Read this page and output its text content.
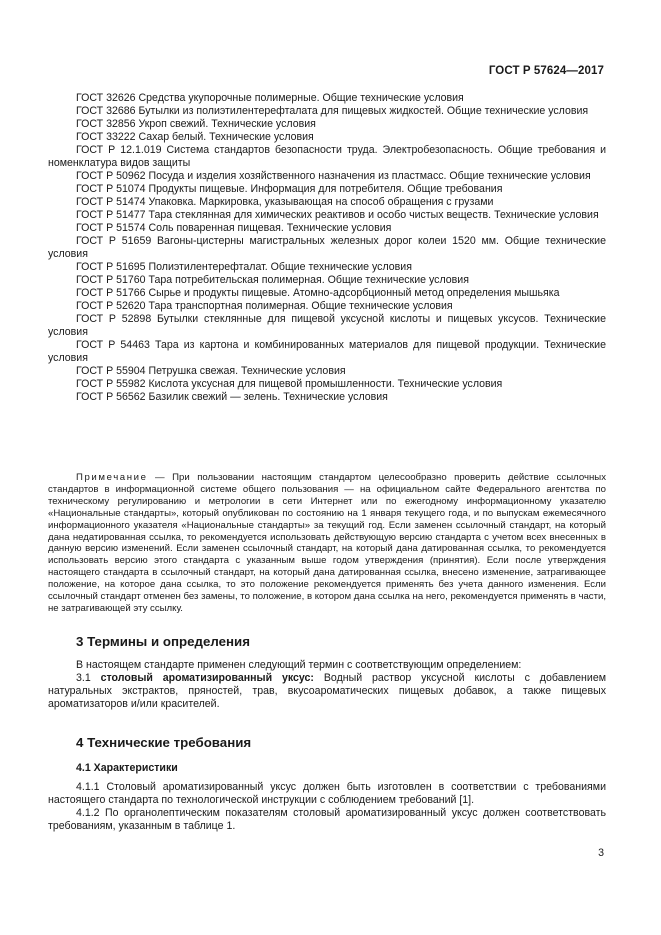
ГОСТ Р 57624—2017
ГОСТ 32626 Средства укупорочные полимерные. Общие технические условия
ГОСТ 32686 Бутылки из полиэтилентерефталата для пищевых жидкостей. Общие технические условия
ГОСТ 32856 Укроп свежий. Технические условия
ГОСТ 33222 Сахар белый. Технические условия
ГОСТ Р 12.1.019 Система стандартов безопасности труда. Электробезопасность. Общие требования и номенклатура видов защиты
ГОСТ Р 50962 Посуда и изделия хозяйственного назначения из пластмасс. Общие технические условия
ГОСТ Р 51074 Продукты пищевые. Информация для потребителя. Общие требования
ГОСТ Р 51474 Упаковка. Маркировка, указывающая на способ обращения с грузами
ГОСТ Р 51477 Тара стеклянная для химических реактивов и особо чистых веществ. Технические условия
ГОСТ Р 51574 Соль поваренная пищевая. Технические условия
ГОСТ Р 51659 Вагоны-цистерны магистральных железных дорог колеи 1520 мм. Общие технические условия
ГОСТ Р 51695 Полиэтилентерефталат. Общие технические условия
ГОСТ Р 51760 Тара потребительская полимерная. Общие технические условия
ГОСТ Р 51766 Сырье и продукты пищевые. Атомно-адсорбционный метод определения мышьяка
ГОСТ Р 52620 Тара транспортная полимерная. Общие технические условия
ГОСТ Р 52898 Бутылки стеклянные для пищевой уксусной кислоты и пищевых уксусов. Технические условия
ГОСТ Р 54463 Тара из картона и комбинированных материалов для пищевой продукции. Технические условия
ГОСТ Р 55904 Петрушка свежая. Технические условия
ГОСТ Р 55982 Кислота уксусная для пищевой промышленности. Технические условия
ГОСТ Р 56562 Базилик свежий — зелень. Технические условия
Примечание — При пользовании настоящим стандартом целесообразно проверить действие ссылочных стандартов в информационной системе общего пользования — на официальном сайте Федерального агентства по техническому регулированию и метрологии в сети Интернет или по ежегодному информационному указателю «Национальные стандарты», который опубликован по состоянию на 1 января текущего года, и по выпускам ежемесячного информационного указателя «Национальные стандарты» за текущий год. Если заменен ссылочный стандарт, на который дана недатированная ссылка, то рекомендуется использовать действующую версию стандарта с учетом всех внесенных в данную версию изменений. Если заменен ссылочный стандарт, на который дана датированная ссылка, то рекомендуется использовать версию этого стандарта с указанным выше годом утверждения (принятия). Если после утверждения настоящего стандарта в ссылочный стандарт, на который дана датированная ссылка, внесено изменение, затрагивающее положение, на которое дана ссылка, то это положение рекомендуется применять без учета данного изменения. Если ссылочный стандарт отменен без замены, то положение, в котором дана ссылка на него, рекомендуется применять в части, не затрагивающей эту ссылку.
3 Термины и определения
В настоящем стандарте применен следующий термин с соответствующим определением:
3.1 столовый ароматизированный уксус: Водный раствор уксусной кислоты с добавлением натуральных экстрактов, пряностей, трав, вкусоароматических пищевых добавок, а также пищевых ароматизаторов и/или красителей.
4 Технические требования
4.1 Характеристики
4.1.1 Столовый ароматизированный уксус должен быть изготовлен в соответствии с требованиями настоящего стандарта по технологической инструкции с соблюдением требований [1].
4.1.2 По органолептическим показателям столовый ароматизированный уксус должен соответствовать требованиям, указанным в таблице 1.
3
